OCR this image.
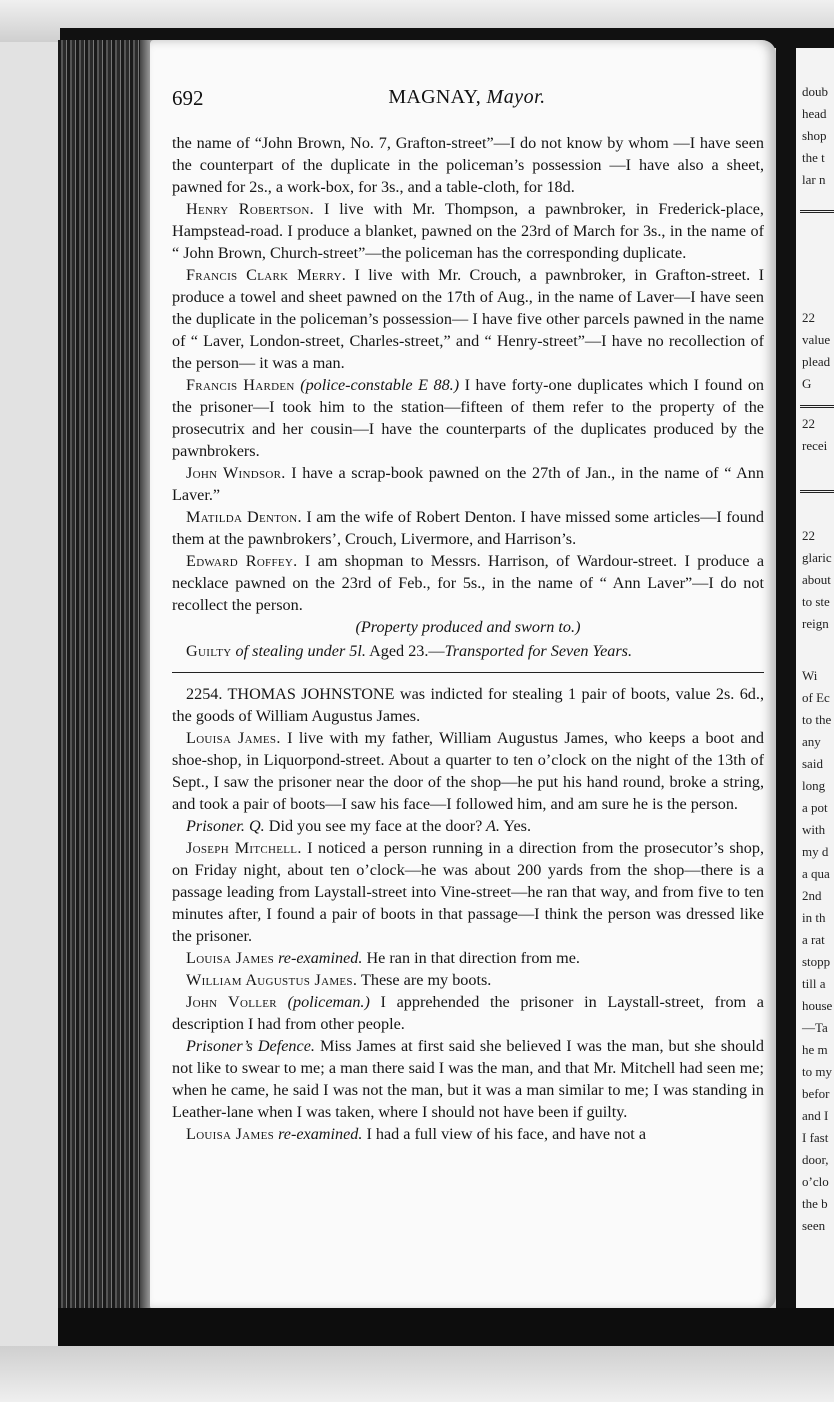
doub
head
shop
the t
lar n
22
value
plead
G
22
recei
22
glaric
about
to ste
reign
Wi
of Ec
to the
any
said
long
a pot
with
my d
a qua
2nd
in th
a rat
stopp
till a
house
—Ta
he m
to my
befor
and I
I fast
door,
o’clo
the b
seen
692	MAGNAY, Mayor.

the name of “John Brown, No. 7, Grafton-street”—I do not know by whom —I have seen the counterpart of the duplicate in the policeman’s possession —I have also a sheet, pawned for 2s., a work-box, for 3s., and a table-cloth, for 18d.

Henry Robertson. I live with Mr. Thompson, a pawnbroker, in Frederick-place, Hampstead-road. I produce a blanket, pawned on the 23rd of March for 3s., in the name of “ John Brown, Church-street”—the policeman has the corresponding duplicate.

Francis Clark Merry. I live with Mr. Crouch, a pawnbroker, in Grafton-street. I produce a towel and sheet pawned on the 17th of Aug., in the name of Laver—I have seen the duplicate in the policeman’s possession— I have five other parcels pawned in the name of “ Laver, London-street, Charles-street,” and “ Henry-street”—I have no recollection of the person— it was a man.

Francis Harden (police-constable E 88.) I have forty-one duplicates which I found on the prisoner—I took him to the station—fifteen of them refer to the property of the prosecutrix and her cousin—I have the counterparts of the duplicates produced by the pawnbrokers.

John Windsor. I have a scrap-book pawned on the 27th of Jan., in the name of “ Ann Laver.”

Matilda Denton. I am the wife of Robert Denton. I have missed some articles—I found them at the pawnbrokers’, Crouch, Livermore, and Harrison’s.

Edward Roffey. I am shopman to Messrs. Harrison, of Wardour-street. I produce a necklace pawned on the 23rd of Feb., for 5s., in the name of “ Ann Laver”—I do not recollect the person.

(Property produced and sworn to.)

Guilty of stealing under 5l. Aged 23.—Transported for Seven Years.

2254. THOMAS JOHNSTONE was indicted for stealing 1 pair of boots, value 2s. 6d., the goods of William Augustus James.

Louisa James. I live with my father, William Augustus James, who keeps a boot and shoe-shop, in Liquorpond-street. About a quarter to ten o’clock on the night of the 13th of Sept., I saw the prisoner near the door of the shop—he put his hand round, broke a string, and took a pair of boots—I saw his face—I followed him, and am sure he is the person.

Prisoner. Q. Did you see my face at the door? A. Yes.

Joseph Mitchell. I noticed a person running in a direction from the prosecutor’s shop, on Friday night, about ten o’clock—he was about 200 yards from the shop—there is a passage leading from Laystall-street into Vine-street—he ran that way, and from five to ten minutes after, I found a pair of boots in that passage—I think the person was dressed like the prisoner.

Louisa James re-examined. He ran in that direction from me.

William Augustus James. These are my boots.

John Voller (policeman.) I apprehended the prisoner in Laystall-street, from a description I had from other people.

Prisoner’s Defence. Miss James at first said she believed I was the man, but she should not like to swear to me; a man there said I was the man, and that Mr. Mitchell had seen me; when he came, he said I was not the man, but it was a man similar to me; I was standing in Leather-lane when I was taken, where I should not have been if guilty.

Louisa James re-examined. I had a full view of his face, and have not a
